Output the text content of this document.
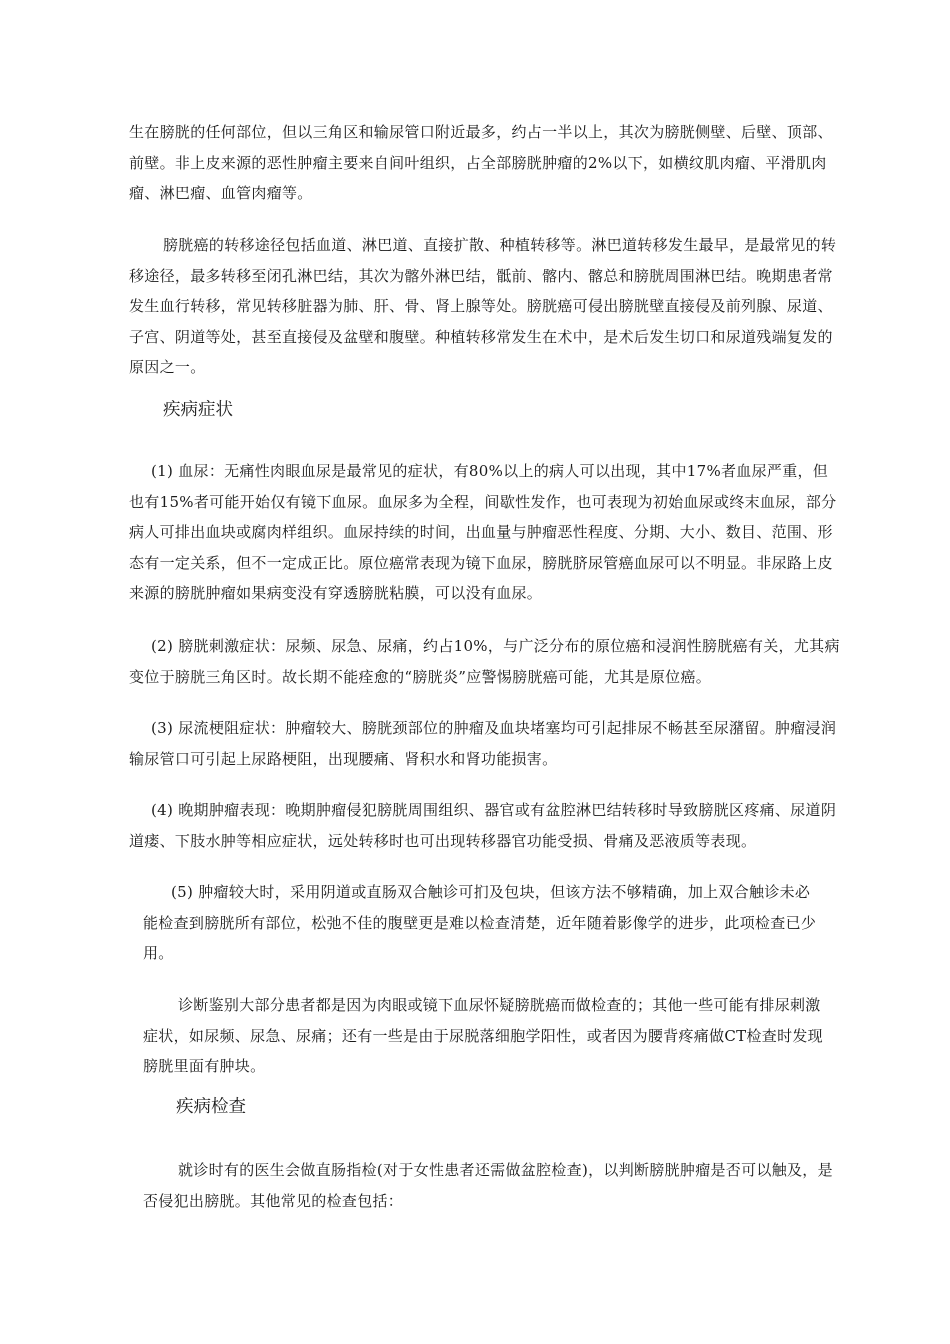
生在膀胱的任何部位，但以三角区和输尿管口附近最多，约占一半以上，其次为膀胱侧壁、后壁、顶部、前壁。非上皮来源的恶性肿瘤主要来自间叶组织，占全部膀胱肿瘤的2%以下，如横纹肌肉瘤、平滑肌肉瘤、淋巴瘤、血管肉瘤等。

膀胱癌的转移途径包括血道、淋巴道、直接扩散、种植转移等。淋巴道转移发生最早，是最常见的转移途径，最多转移至闭孔淋巴结，其次为髂外淋巴结，骶前、髂内、髂总和膀胱周围淋巴结。晚期患者常发生血行转移，常见转移脏器为肺、肝、骨、肾上腺等处。膀胱癌可侵出膀胱壁直接侵及前列腺、尿道、子宫、阴道等处，甚至直接侵及盆壁和腹壁。种植转移常发生在术中，是术后发生切口和尿道残端复发的原因之一。

疾病症状

(1) 血尿：无痛性肉眼血尿是最常见的症状，有80%以上的病人可以出现，其中17%者血尿严重，但也有15%者可能开始仅有镜下血尿。血尿多为全程，间歇性发作，也可表现为初始血尿或终末血尿，部分病人可排出血块或腐肉样组织。血尿持续的时间，出血量与肿瘤恶性程度、分期、大小、数目、范围、形态有一定关系，但不一定成正比。原位癌常表现为镜下血尿，膀胱脐尿管癌血尿可以不明显。非尿路上皮来源的膀胱肿瘤如果病变没有穿透膀胱粘膜，可以没有血尿。

(2) 膀胱刺激症状：尿频、尿急、尿痛，约占10%，与广泛分布的原位癌和浸润性膀胱癌有关，尤其病变位于膀胱三角区时。故长期不能痊愈的“膀胱炎”应警惕膀胱癌可能，尤其是原位癌。

(3) 尿流梗阻症状：肿瘤较大、膀胱颈部位的肿瘤及血块堵塞均可引起排尿不畅甚至尿潴留。肿瘤浸润输尿管口可引起上尿路梗阻，出现腰痛、肾积水和肾功能损害。

(4) 晚期肿瘤表现：晚期肿瘤侵犯膀胱周围组织、器官或有盆腔淋巴结转移时导致膀胱区疼痛、尿道阴道瘘、下肢水肿等相应症状，远处转移时也可出现转移器官功能受损、骨痛及恶液质等表现。

(5) 肿瘤较大时，采用阴道或直肠双合触诊可扪及包块，但该方法不够精确，加上双合触诊未必能检查到膀胱所有部位，松弛不佳的腹壁更是难以检查清楚，近年随着影像学的进步，此项检查已少用。

诊断鉴别大部分患者都是因为肉眼或镜下血尿怀疑膀胱癌而做检查的；其他一些可能有排尿刺激症状，如尿频、尿急、尿痛；还有一些是由于尿脱落细胞学阳性，或者因为腰背疼痛做CT检查时发现膀胱里面有肿块。

疾病检查

就诊时有的医生会做直肠指检(对于女性患者还需做盆腔检查)，以判断膀胱肿瘤是否可以触及，是否侵犯出膀胱。其他常见的检查包括：
